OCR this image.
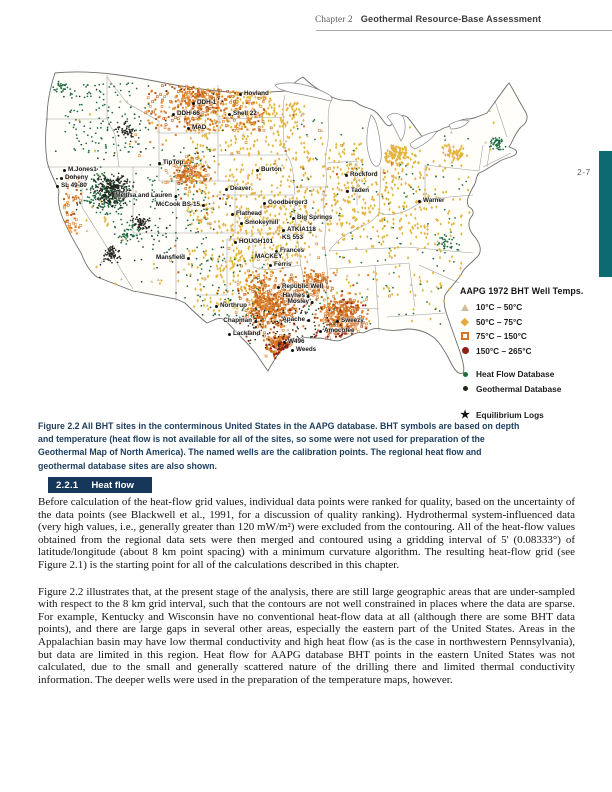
Chapter 2 Geothermal Resource-Base Assessment
2-7
Hovland
DDH-1
DDH-66	Shell 22
MAD
TipTop
Burton
Rockford
Taden
Deaver
Mellisa and Lauren
McCook BS-15	Goodberger3
Flathead
Warner
Smokeyhill
Big Springs
ATKIA118
KS 553
HOUGH101
Frances
MACKEY
Ferris
Mansfield
Republic Well
Haynes
Mosley
Northrup
Chapman	Apache	Sweezy
Amocotee
Lackland
W496
Weeds
M.Jones1
Doheny
SL 49-80
AAPG 1972 BHT Well Temps.
10°C – 50°C
50°C – 75°C
75°C – 150°C
150°C – 265°C
Heat Flow Database
Geothermal Database
★ Equilibrium Logs
Figure 2.2 All BHT sites in the conterminous United States in the AAPG database. BHT symbols are based on depth and temperature (heat flow is not available for all of the sites, so some were not used for preparation of the Geothermal Map of North America). The named wells are the calibration points. The regional heat flow and geothermal database sites are also shown.
2.2.1 Heat flow

Before calculation of the heat-flow grid values, individual data points were ranked for quality, based on the uncertainty of the data points (see Blackwell et al., 1991, for a discussion of quality ranking). Hydrothermal system-influenced data (very high values, i.e., generally greater than 120 mW/m²) were excluded from the contouring. All of the heat-flow values obtained from the regional data sets were then merged and contoured using a gridding interval of 5' (0.08333°) of latitude/longitude (about 8 km point spacing) with a minimum curvature algorithm. The resulting heat-flow grid (see Figure 2.1) is the starting point for all of the calculations described in this chapter.

Figure 2.2 illustrates that, at the present stage of the analysis, there are still large geographic areas that are under-sampled with respect to the 8 km grid interval, such that the contours are not well constrained in places where the data are sparse. For example, Kentucky and Wisconsin have no conventional heat-flow data at all (although there are some BHT data points), and there are large gaps in several other areas, especially the eastern part of the United States. Areas in the Appalachian basin may have low thermal conductivity and high heat flow (as is the case in northwestern Pennsylvania), but data are limited in this region. Heat flow for AAPG database BHT points in the eastern United States was not calculated, due to the small and generally scattered nature of the drilling there and limited thermal conductivity information. The deeper wells were used in the preparation of the temperature maps, however.
